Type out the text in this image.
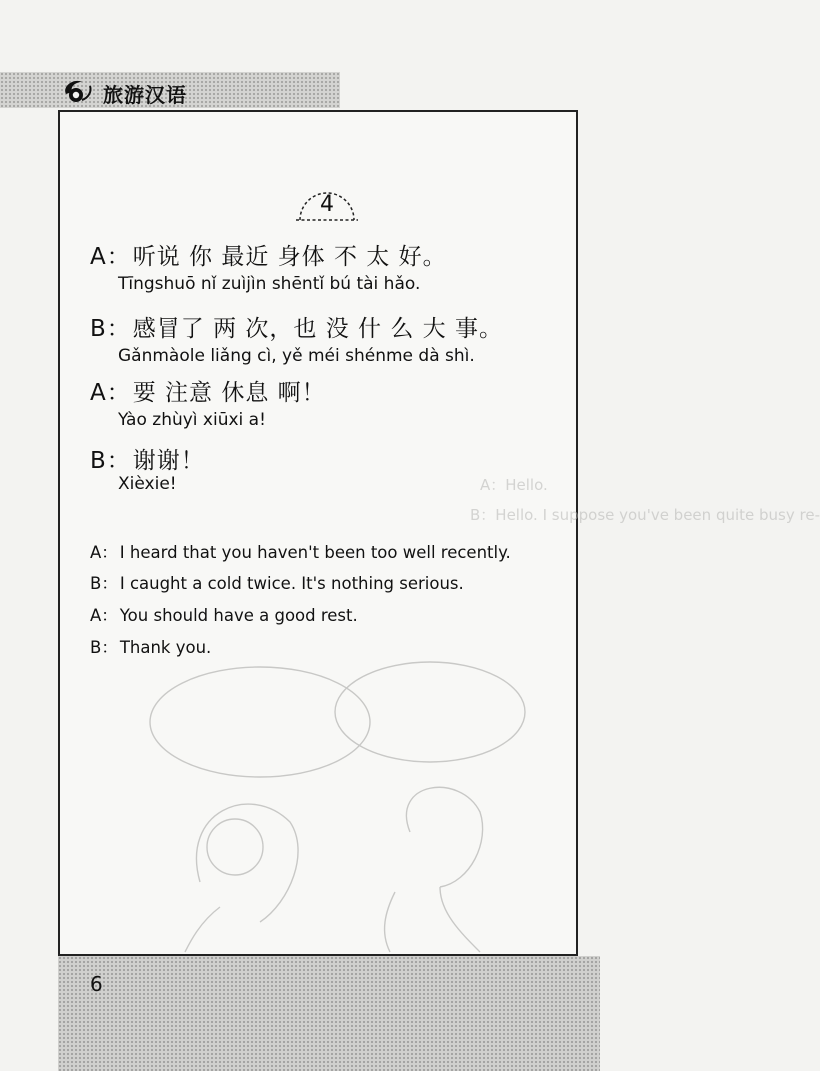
旅游汉语
A：Hello.
B：Hello. I suppose you've been quite busy re-
4
A：听说 你 最近 身体 不 太 好。
Tīngshuō nǐ zuìjìn shēntǐ bú tài hǎo.
B：感冒了 两 次，也 没 什 么 大 事。
Gǎnmàole liǎng cì, yě méi shénme dà shì.
A：要 注意 休息 啊！
Yào zhùyì xiūxi a!
B：谢谢！
Xièxie!
A： I heard that you haven't been too well recently.
B： I caught a cold twice. It's nothing serious.
A： You should have a good rest.
B： Thank you.
6
